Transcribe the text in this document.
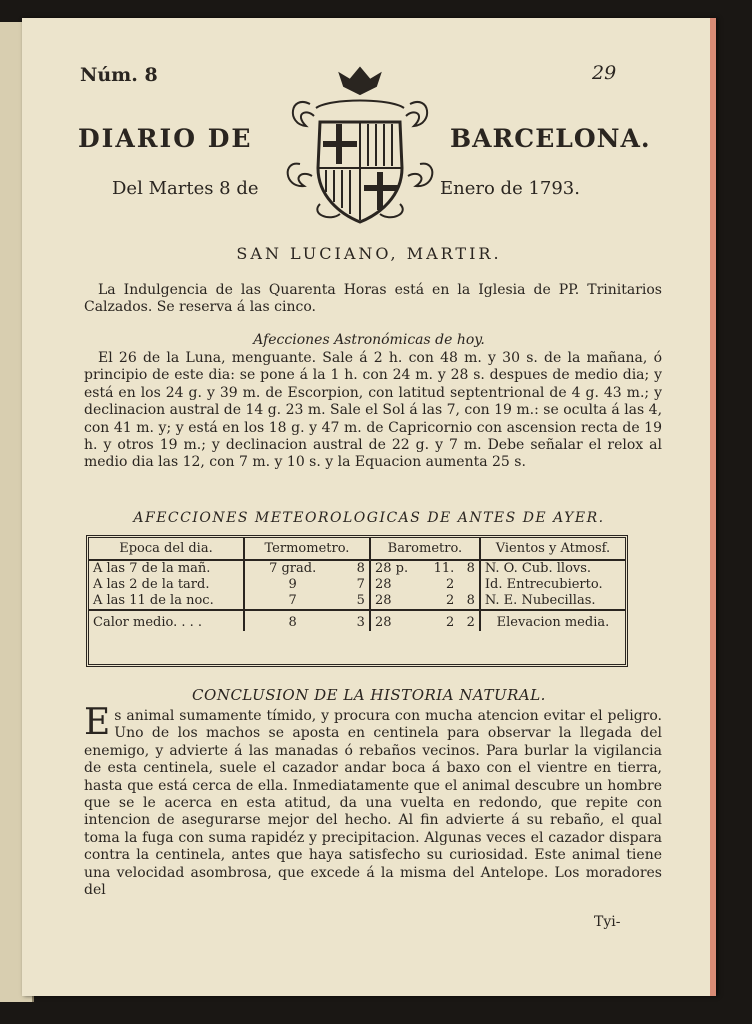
Núm. 8	29
DIARIO DE	BARCELONA.
Del Martes 8 de	Enero de 1793.
SAN LUCIANO, MARTIR.
La Indulgencia de las Quarenta Horas está en la Iglesia de PP. Trinitarios Calzados. Se reserva á las cinco.
Afecciones Astronómicas de hoy.
El 26 de la Luna, menguante. Sale á 2 h. con 48 m. y 30 s. de la mañana, ó principio de este dia: se pone á la 1 h. con 24 m. y 28 s. despues de medio dia; y está en los 24 g. y 39 m. de Escorpion, con latitud septentrional de 4 g. 43 m.; y declinacion austral de 14 g. 23 m. Sale el Sol á las 7, con 19 m.: se oculta á las 4, con 41 m. y; y está en los 18 g. y 47 m. de Capricornio con ascension recta de 19 h. y otros 19 m.; y declinacion austral de 22 g. y 7 m. Debe señalar el relox al medio dia las 12, con 7 m. y 10 s. y la Equacion aumenta 25 s.
AFECCIONES METEOROLOGICAS DE ANTES DE AYER.
Epoca del dia.	Termometro.		Barometro.			Vientos y Atmosf.
A las 7 de la mañ.	7 grad.	8	28 p.	11.	8	N. O. Cub. llovs.
A las 2 de la tard.	9	7	28	2		Id. Entrecubierto.
A las 11 de la noc.	7	5	28	2	8	N. E. Nubecillas.
Calor medio. . . .	8	3	28	2	2	Elevacion media.
CONCLUSION DE LA HISTORIA NATURAL.
E s animal sumamente tímido, y procura con mucha atencion evitar el peligro. Uno de los machos se aposta en centinela para observar la llegada del enemigo, y advierte á las manadas ó rebaños vecinos. Para burlar la vigilancia de esta centinela, suele el cazador andar boca á baxo con el vientre en tierra, hasta que está cerca de ella. Inmediatamente que el animal descubre un hombre que se le acerca en esta atitud, da una vuelta en redondo, que repite con intencion de asegurarse mejor del hecho. Al fin advierte á su rebaño, el qual toma la fuga con suma rapidéz y precipitacion. Algunas veces el cazador dispara contra la centinela, antes que haya satisfecho su curiosidad. Este animal tiene una velocidad asombrosa, que excede á la misma del Antelope. Los moradores del
Tyi-
